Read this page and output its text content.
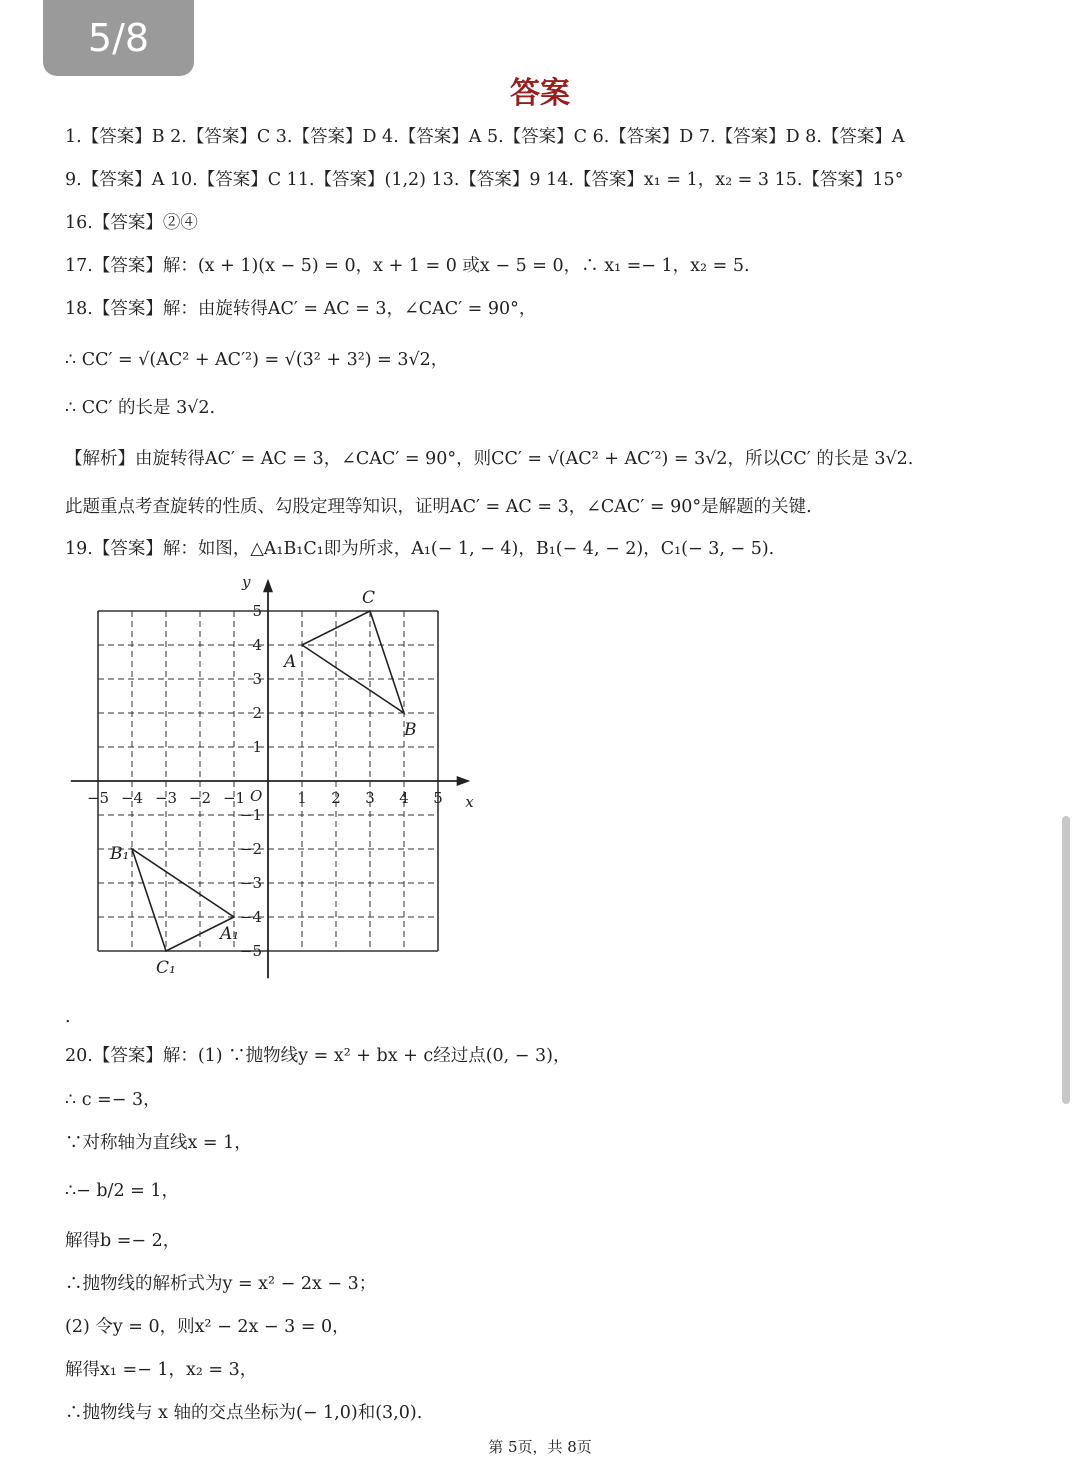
5/8
答案
1.【答案】B 2.【答案】C 3.【答案】D 4.【答案】A 5.【答案】C 6.【答案】D 7.【答案】D 8.【答案】A
9.【答案】A 10.【答案】C 11.【答案】(1,2) 13.【答案】9 14.【答案】x₁ = 1，x₂ = 3 15.【答案】15°
16.【答案】②④
17.【答案】解：(x + 1)(x − 5) = 0，x + 1 = 0 或x − 5 = 0，∴ x₁ =− 1，x₂ = 5.
18.【答案】解：由旋转得AC′ = AC = 3，∠CAC′ = 90°，
∴ CC′ = √(AC² + AC′²) = √(3² + 3²) = 3√2，
∴ CC′ 的长是 3√2.
【解析】由旋转得AC′ = AC = 3，∠CAC′ = 90°，则CC′ = √(AC² + AC′²) = 3√2，所以CC′ 的长是 3√2.
此题重点考查旋转的性质、勾股定理等知识，证明AC′ = AC = 3，∠CAC′ = 90°是解题的关键.
19.【答案】解：如图，△A₁B₁C₁即为所求，A₁(− 1, − 4)，B₁(− 4, − 2)，C₁(− 3, − 5).
−5 −4 −3 −2 −1	1 2 3 4 5
−5
−4
−3
−2
−1
1
2
3
4
5
x
y
O
A
B
C
A₁
B₁
C₁
.
20.【答案】解：(1) ∵抛物线y = x² + bx + c经过点(0, − 3)，
∴ c =− 3，
∵对称轴为直线x = 1，
∴− b/2 = 1，
解得b =− 2，
∴抛物线的解析式为y = x² − 2x − 3；
(2) 令y = 0，则x² − 2x − 3 = 0，
解得x₁ =− 1，x₂ = 3，
∴抛物线与 x 轴的交点坐标为(− 1,0)和(3,0).
第 5页，共 8页
